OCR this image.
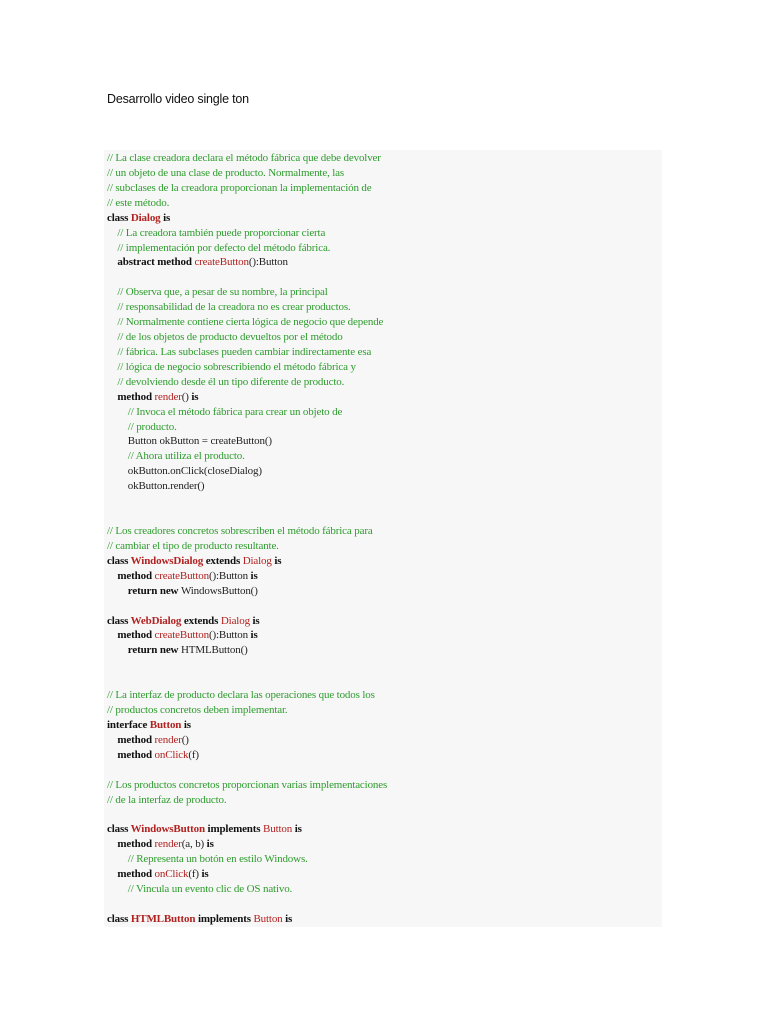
Desarrollo video single ton
// La clase creadora declara el método fábrica que debe devolver
// un objeto de una clase de producto. Normalmente, las
// subclases de la creadora proporcionan la implementación de
// este método.
class Dialog is
// La creadora también puede proporcionar cierta
// implementación por defecto del método fábrica.
abstract method createButton():Button
// Observa que, a pesar de su nombre, la principal
// responsabilidad de la creadora no es crear productos.
// Normalmente contiene cierta lógica de negocio que depende
// de los objetos de producto devueltos por el método
// fábrica. Las subclases pueden cambiar indirectamente esa
// lógica de negocio sobrescribiendo el método fábrica y
// devolviendo desde él un tipo diferente de producto.
method render() is
// Invoca el método fábrica para crear un objeto de
// producto.
Button okButton = createButton()
// Ahora utiliza el producto.
okButton.onClick(closeDialog)
okButton.render()
// Los creadores concretos sobrescriben el método fábrica para
// cambiar el tipo de producto resultante.
class WindowsDialog extends Dialog is
method createButton():Button is
return new WindowsButton()
class WebDialog extends Dialog is
method createButton():Button is
return new HTMLButton()
// La interfaz de producto declara las operaciones que todos los
// productos concretos deben implementar.
interface Button is
method render()
method onClick(f)
// Los productos concretos proporcionan varias implementaciones
// de la interfaz de producto.
class WindowsButton implements Button is
method render(a, b) is
// Representa un botón en estilo Windows.
method onClick(f) is
// Vincula un evento clic de OS nativo.
class HTMLButton implements Button is
